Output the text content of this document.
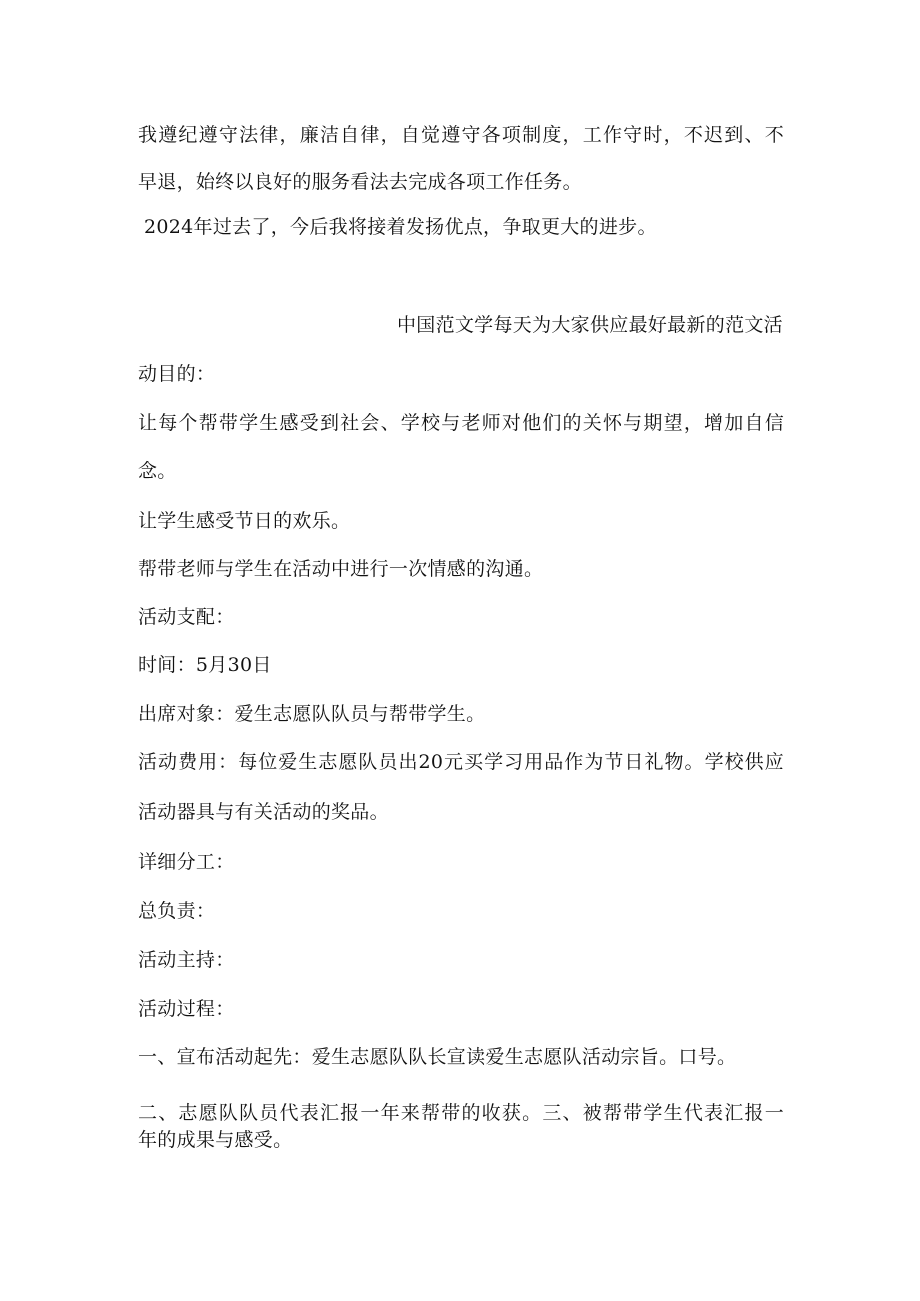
我遵纪遵守法律，廉洁自律，自觉遵守各项制度，工作守时，不迟到、不
早退，始终以良好的服务看法去完成各项工作任务。
2024年过去了，今后我将接着发扬优点，争取更大的进步。
中国范文学每天为大家供应最好最新的范文活
动目的：
让每个帮带学生感受到社会、学校与老师对他们的关怀与期望，增加自信
念。
让学生感受节日的欢乐。
帮带老师与学生在活动中进行一次情感的沟通。
活动支配：
时间：5月30日
出席对象：爱生志愿队队员与帮带学生。
活动费用：每位爱生志愿队员出20元买学习用品作为节日礼物。学校供应
活动器具与有关活动的奖品。
详细分工：
总负责：
活动主持：
活动过程：
一、宣布活动起先：爱生志愿队队长宣读爱生志愿队活动宗旨。口号。
二、志愿队队员代表汇报一年来帮带的收获。三、被帮带学生代表汇报一
年的成果与感受。
